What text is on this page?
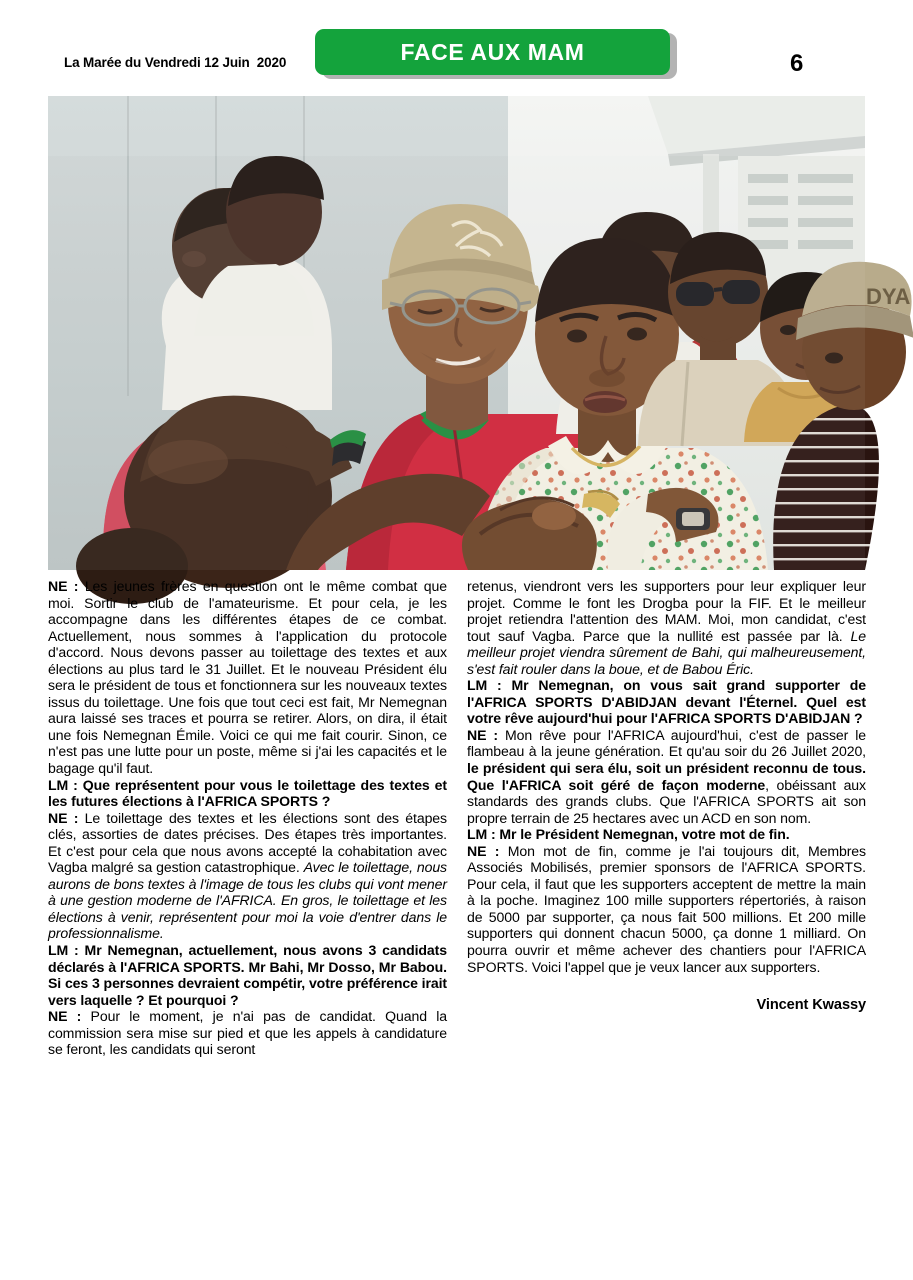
La Marée du Vendredi 12 Juin  2020	FACE AUX MAM	6
DYA
NE : Les jeunes frères en question ont le même combat que moi. Sortir le club de l'amateurisme. Et pour cela, je les accompagne dans les différentes étapes de ce combat. Actuellement, nous sommes à l'application du protocole d'accord. Nous devons passer au toilettage des textes et aux élections au plus tard le 31 Juillet. Et le nouveau Président élu sera le président de tous et fonctionnera sur les nouveaux textes issus du toilettage. Une fois que tout ceci est fait, Mr Nemegnan aura laissé ses traces et pourra se retirer. Alors, on dira, il était une fois Nemegnan Émile. Voici ce qui me fait courir. Sinon, ce n'est pas une lutte pour un poste, même si j'ai les capacités et le bagage qu'il faut.
LM : Que représentent pour vous le toilettage des textes et les futures élections à l'AFRICA SPORTS ?
NE : Le toilettage des textes et les élections sont des étapes clés, assorties de dates précises. Des étapes très importantes. Et c'est pour cela que nous avons accepté la cohabitation avec Vagba malgré sa gestion catastrophique. Avec le toilettage, nous aurons de bons textes à l'image de tous les clubs qui vont mener à une gestion moderne de l'AFRICA. En gros, le toilettage et les élections à venir, représentent pour moi la voie d'entrer dans le professionnalisme.
LM : Mr Nemegnan, actuellement, nous avons 3 candidats déclarés à l'AFRICA SPORTS. Mr Bahi, Mr Dosso, Mr Babou. Si ces 3 personnes devraient compétir, votre préférence irait vers laquelle ? Et pourquoi ?
NE : Pour le moment, je n'ai pas de candidat. Quand la commission sera mise sur pied et que les appels à candidature se feront, les candidats qui seront
retenus, viendront vers les supporters pour leur expliquer leur projet. Comme le font les Drogba pour la FIF. Et le meilleur projet retiendra l'attention des MAM. Moi, mon candidat, c'est tout sauf Vagba. Parce que la nullité est passée par là. Le meilleur projet viendra sûrement de Bahi, qui malheureusement, s'est fait rouler dans la boue, et de Babou Éric.
LM : Mr Nemegnan, on vous sait grand supporter de l'AFRICA SPORTS D'ABIDJAN devant l'Éternel. Quel est votre rêve aujourd'hui pour l'AFRICA SPORTS D'ABIDJAN ?
NE : Mon rêve pour l'AFRICA aujourd'hui, c'est de passer le flambeau à la jeune génération. Et qu'au soir du 26 Juillet 2020, le président qui sera élu, soit un président reconnu de tous. Que l'AFRICA soit géré de façon moderne, obéissant aux standards des grands clubs. Que l'AFRICA SPORTS ait son propre terrain de 25 hectares avec un ACD en son nom.
LM : Mr le Président Nemegnan, votre mot de fin.
NE : Mon mot de fin, comme je l'ai toujours dit, Membres Associés Mobilisés, premier sponsors de l'AFRICA SPORTS. Pour cela, il faut que les supporters acceptent de mettre la main à la poche. Imaginez 100 mille supporters répertoriés, à raison de 5000 par supporter, ça nous fait 500 millions. Et 200 mille supporters qui donnent chacun 5000, ça donne 1 milliard. On pourra ouvrir et même achever des chantiers pour l'AFRICA SPORTS. Voici l'appel que je veux lancer aux supporters.
Vincent Kwassy
